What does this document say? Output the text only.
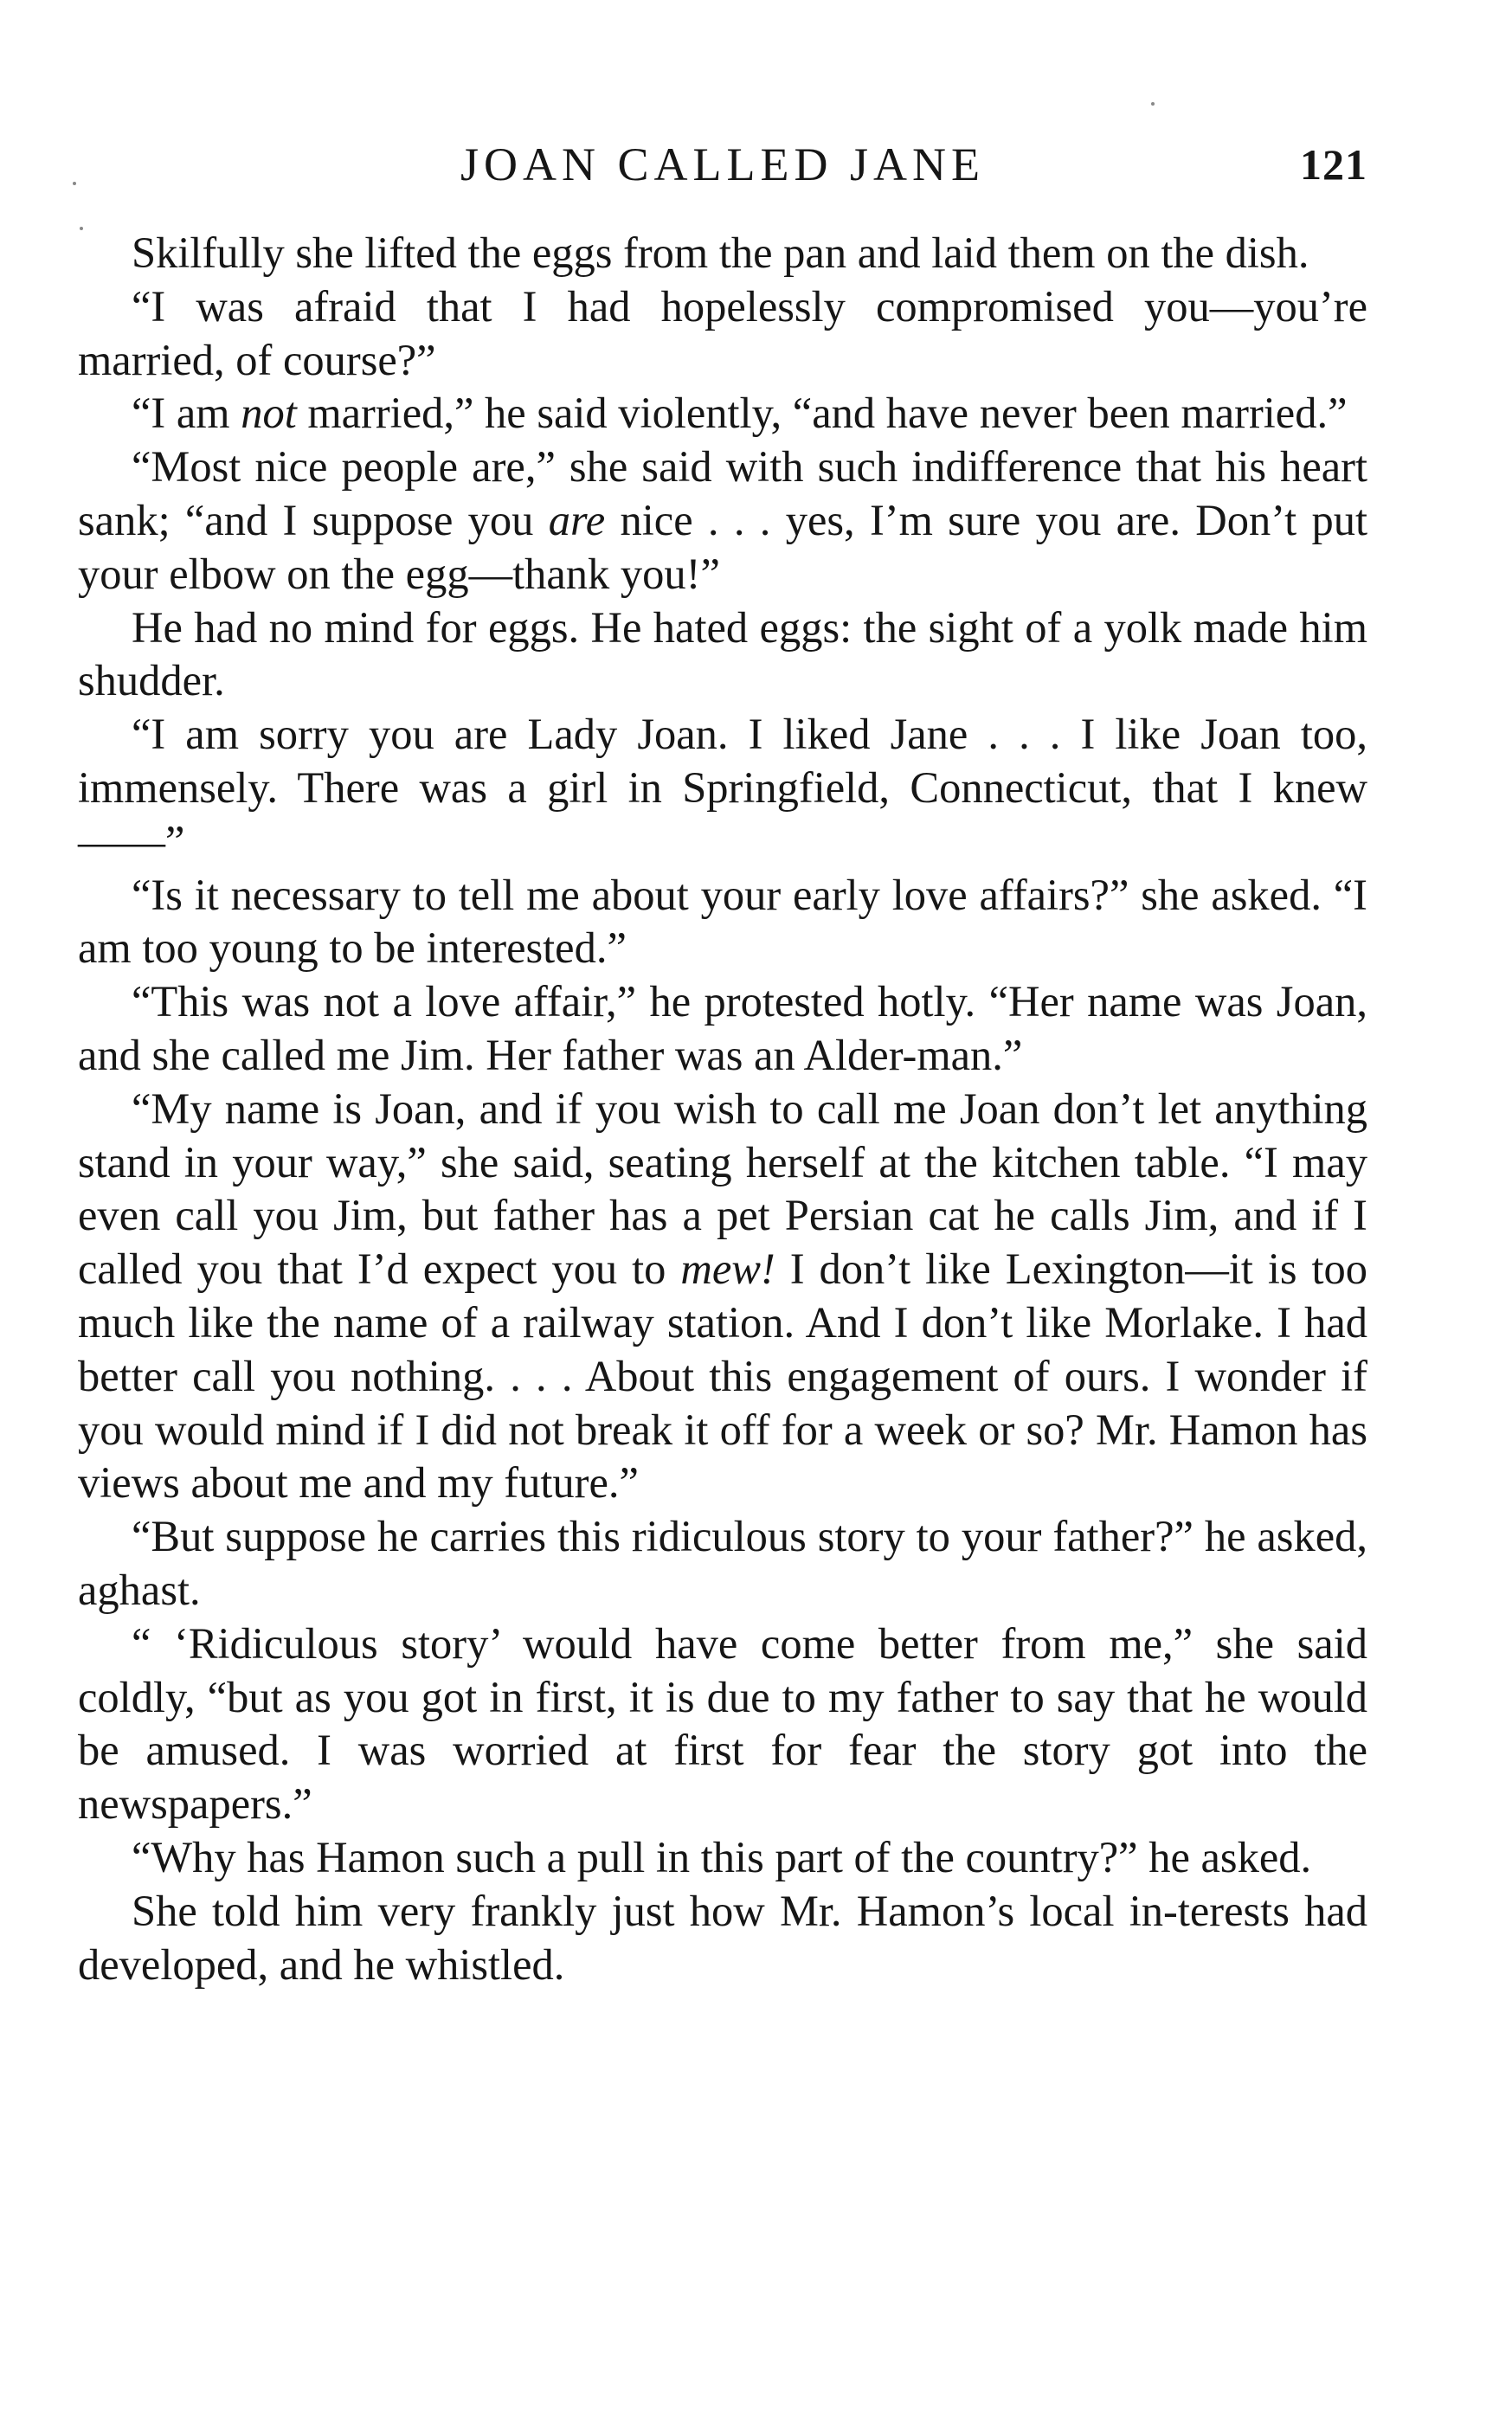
JOAN CALLED JANE	121

Skilfully she lifted the eggs from the pan and laid them on the dish.

“I was afraid that I had hopelessly compromised you—you’re married, of course?”

“I am not married,” he said violently, “and have never been married.”

“Most nice people are,” she said with such indifference that his heart sank; “and I suppose you are nice . . . yes, I’m sure you are. Don’t put your elbow on the egg—thank you!”

He had no mind for eggs. He hated eggs: the sight of a yolk made him shudder.

“I am sorry you are Lady Joan. I liked Jane . . . I like Joan too, immensely. There was a girl in Springfield, Connecticut, that I knew——”

“Is it necessary to tell me about your early love affairs?” she asked. “I am too young to be interested.”

“This was not a love affair,” he protested hotly. “Her name was Joan, and she called me Jim. Her father was an Alder-man.”

“My name is Joan, and if you wish to call me Joan don’t let anything stand in your way,” she said, seating herself at the kitchen table. “I may even call you Jim, but father has a pet Persian cat he calls Jim, and if I called you that I’d expect you to mew! I don’t like Lexington—it is too much like the name of a railway station. And I don’t like Morlake. I had better call you nothing. . . . About this engagement of ours. I wonder if you would mind if I did not break it off for a week or so? Mr. Hamon has views about me and my future.”

“But suppose he carries this ridiculous story to your father?” he asked, aghast.

“ ‘Ridiculous story’ would have come better from me,” she said coldly, “but as you got in first, it is due to my father to say that he would be amused. I was worried at first for fear the story got into the newspapers.”

“Why has Hamon such a pull in this part of the country?” he asked.

She told him very frankly just how Mr. Hamon’s local in-terests had developed, and he whistled.
